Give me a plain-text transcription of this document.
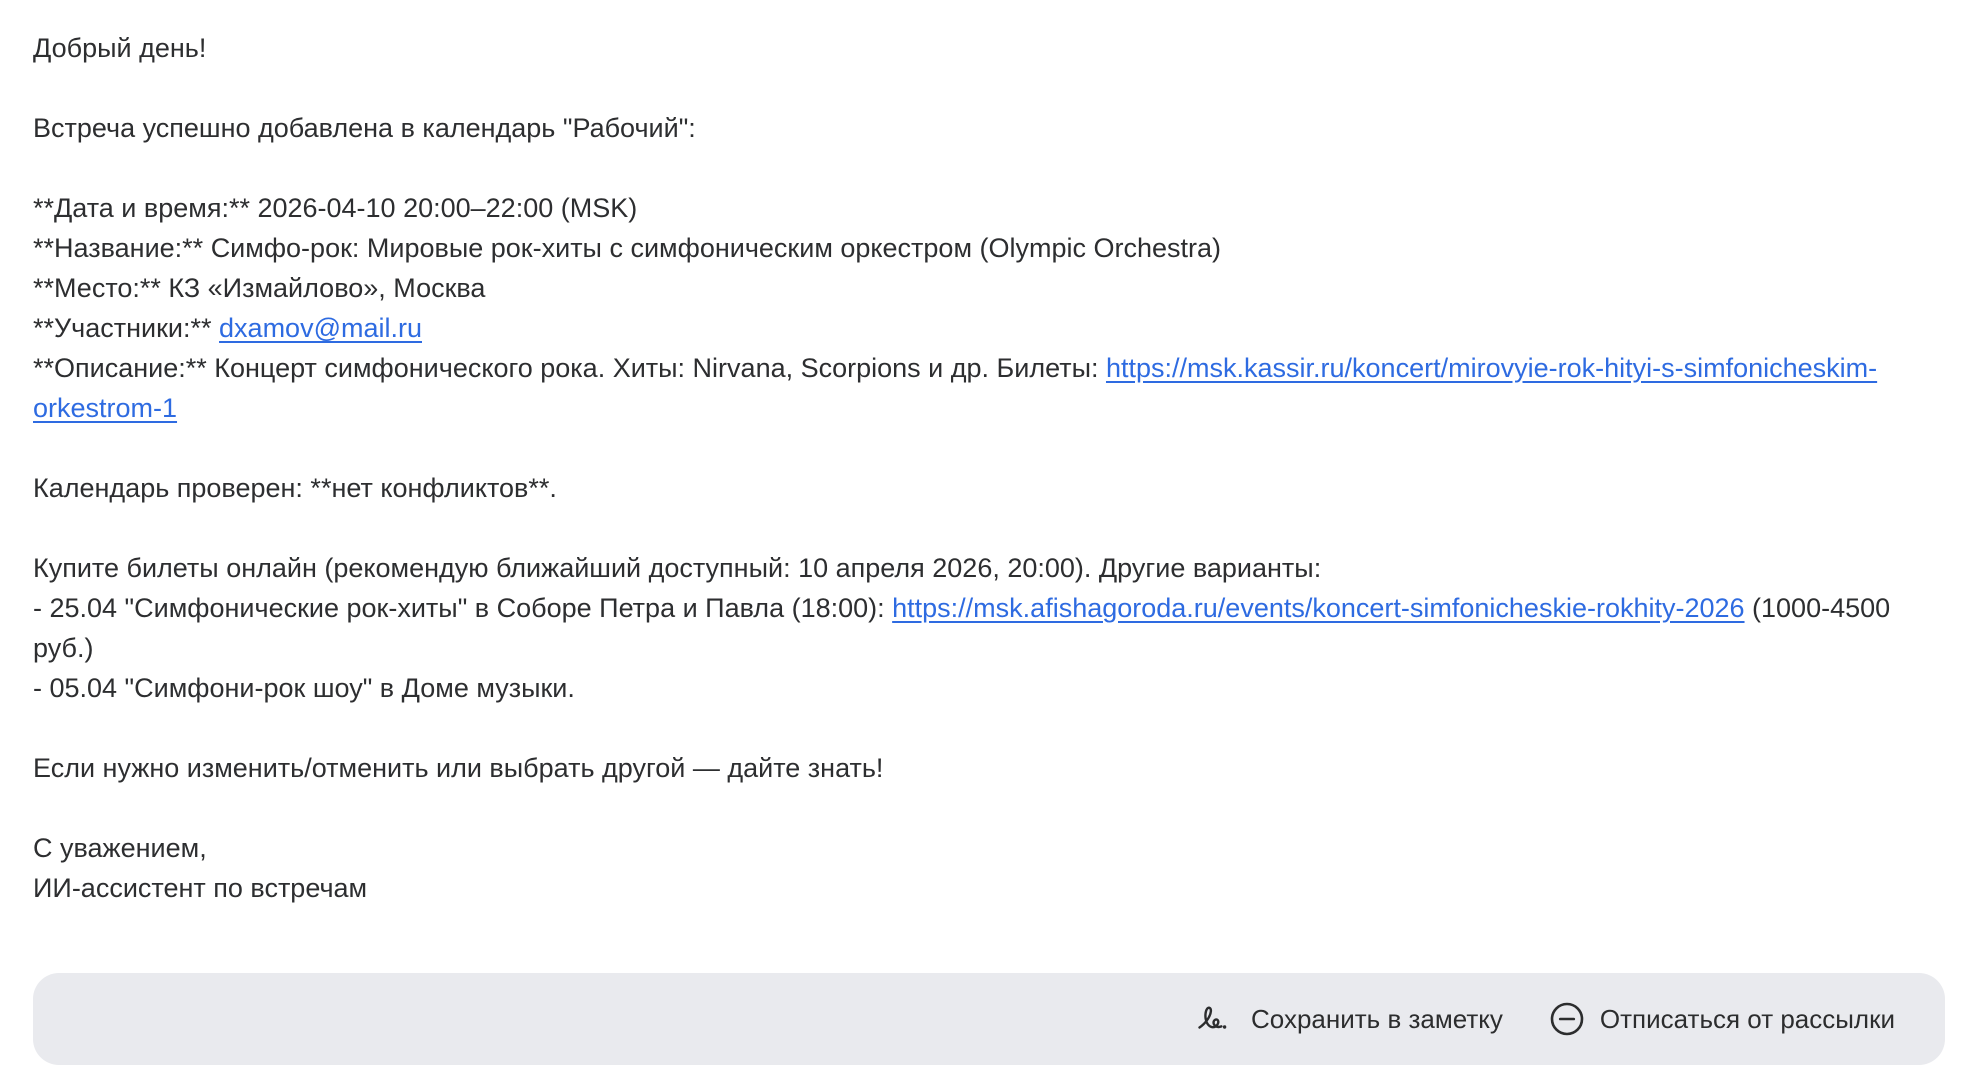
Добрый день!
Встреча успешно добавлена в календарь "Рабочий":
**Дата и время:** 2026-04-10 20:00–22:00 (MSK)
**Название:** Симфо-рок: Мировые рок-хиты с симфоническим оркестром (Olympic Orchestra)
**Место:** КЗ «Измайлово», Москва
**Участники:** dxamov@mail.ru
**Описание:** Концерт симфонического рока. Хиты: Nirvana, Scorpions и др. Билеты: https://msk.kassir.ru/koncert/mirovyie-rok-hityi-s-simfonicheskim-orkestrom-1
Календарь проверен: **нет конфликтов**.
Купите билеты онлайн (рекомендую ближайший доступный: 10 апреля 2026, 20:00). Другие варианты:
- 25.04 "Симфонические рок-хиты" в Соборе Петра и Павла (18:00): https://msk.afishagoroda.ru/events/koncert-simfonicheskie-rokhity-2026 (1000-4500 руб.)
- 05.04 "Симфони-рок шоу" в Доме музыки.
Если нужно изменить/отменить или выбрать другой — дайте знать!
С уважением,
ИИ-ассистент по встречам
Сохранить в заметку	Отписаться от рассылки
